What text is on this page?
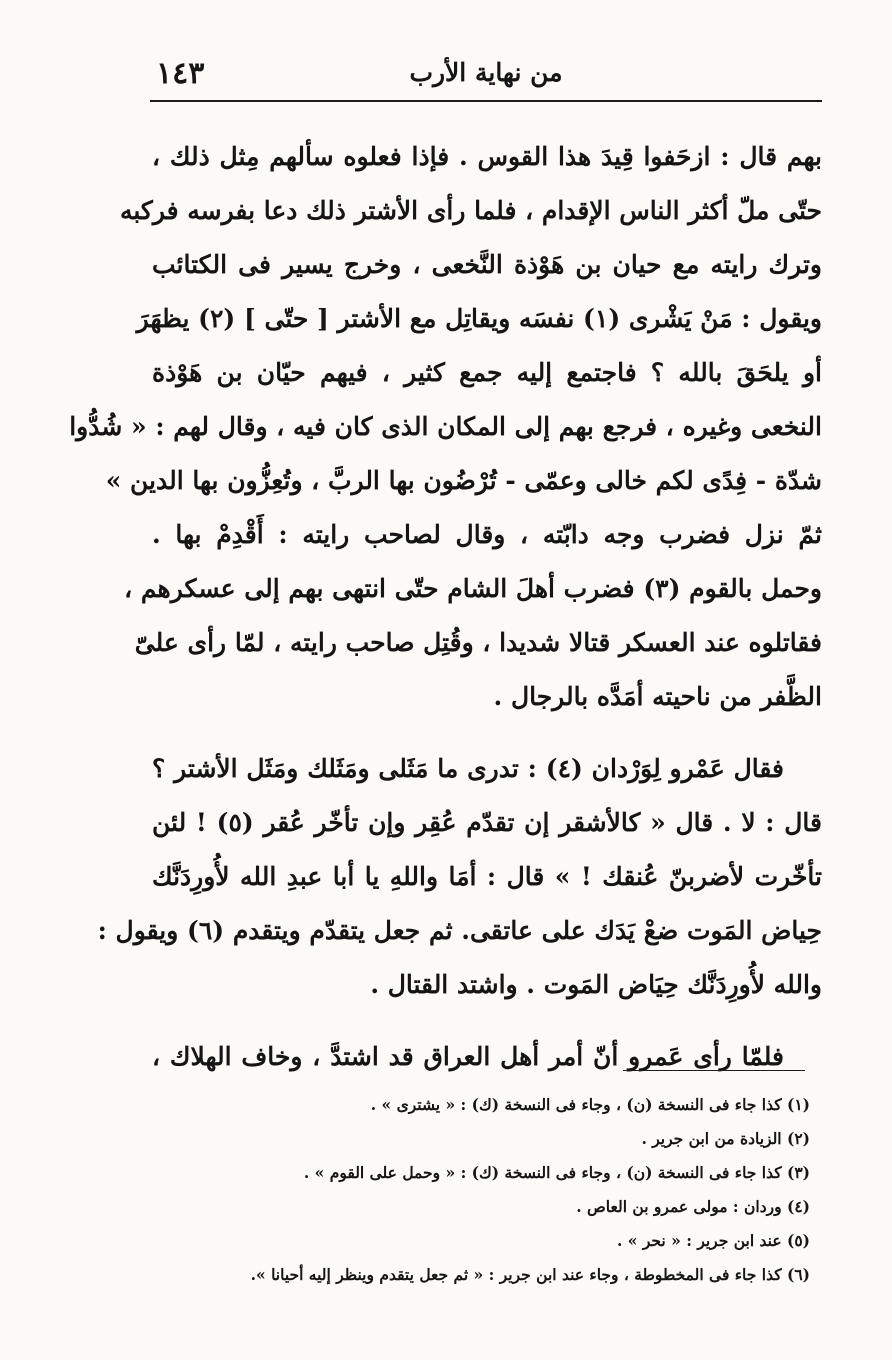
١٤٣	من نهاية الأرب
بهم قال : ازحَفوا قِيدَ هذا القوس . فإذا فعلوه سألهم مِثل ذلك ،
حتّى ملّ أكثر الناس الإقدام ، فلما رأى الأشتر ذلك دعا بفرسه فركبه
وترك رايته مع حيان بن هَوْذة النَّخعى ، وخرج يسير فى الكتائب
ويقول : مَنْ يَشْرى (١) نفسَه ويقاتِل مع الأشتر [ حتّى ] (٢) يظهَرَ
أو يلحَقَ بالله ؟ فاجتمع إليه جمع كثير ، فيهم حيّان بن هَوْذة
النخعى وغيره ، فرجع بهم إلى المكان الذى كان فيه ، وقال لهم : « شُدُّوا
شدّة - فِدًى لكم خالى وعمّى - تُرْضُون بها الربَّ ، وتُعِزُّون بها الدين »
ثمّ نزل فضرب وجه دابّته ، وقال لصاحب رايته : أَقْدِمْ بها .
وحمل بالقوم (٣) فضرب أهلَ الشام حتّى انتهى بهم إلى عسكرهم ،
فقاتلوه عند العسكر قتالا شديدا ، وقُتِل صاحب رايته ، لمّا رأى علىّ
الظَّفر من ناحيته أمَدَّه بالرجال .
فقال عَمْرو لِوَرْدان (٤) : تدرى ما مَثَلى ومَثَلك ومَثَل الأشتر ؟
قال : لا . قال « كالأشقر إن تقدّم عُقِر وإن تأخّر عُقر (٥) ! لئن
تأخّرت لأضربنّ عُنقك ! » قال : أمَا واللهِ يا أبا عبدِ الله لأُورِدَنَّك
حِياض المَوت ضعْ يَدَك على عاتقى. ثم جعل يتقدّم ويتقدم (٦) ويقول :
والله لأُورِدَنَّك حِيَاض المَوت . واشتد القتال .
فلمّا رأى عَمرو أنّ أمر أهل العراق قد اشتدَّ ، وخاف الهلاك ،
(١) كذا جاء فى النسخة (ن) ، وجاء فى النسخة (ك) : « يشترى » .
(٢) الزيادة من ابن جرير .
(٣) كذا جاء فى النسخة (ن) ، وجاء فى النسخة (ك) : « وحمل على القوم » .
(٤) وردان : مولى عمرو بن العاص .
(٥) عند ابن جرير : « نحر » .
(٦) كذا جاء فى المخطوطة ، وجاء عند ابن جرير : « ثم جعل يتقدم وينظر إليه أحيانا ».
